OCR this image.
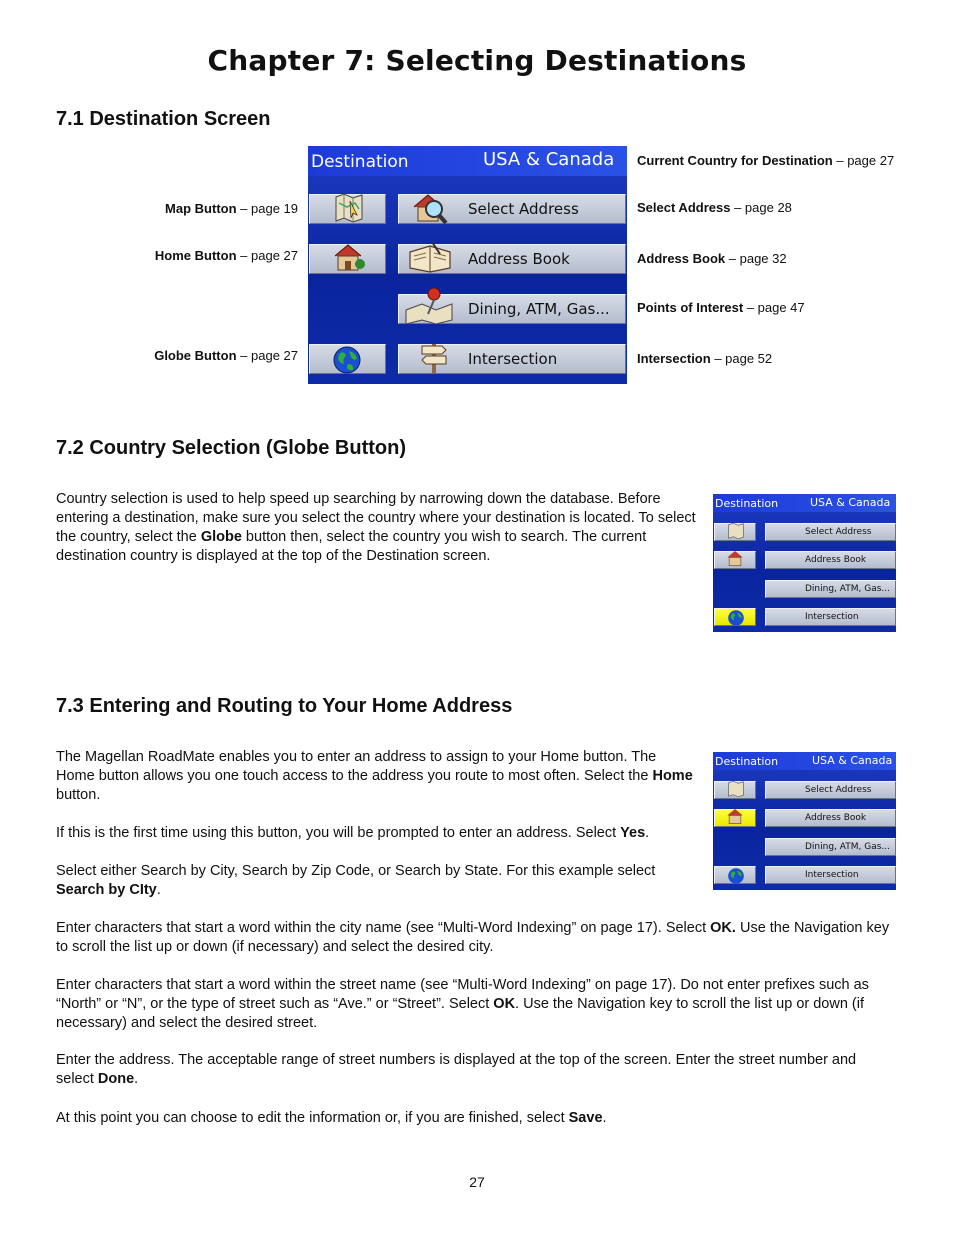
Chapter 7: Selecting Destinations
7.1 Destination Screen
Map Button – page 19
Home Button – page 27
Globe Button – page 27
Current Country for Destination – page 27
Select Address – page 28
Address Book – page 32
Points of Interest – page 47
Intersection – page 52
Destination	USA & Canada
Select Address
Address Book
Dining, ATM, Gas...
Intersection
7.2 Country Selection (Globe Button)

Country selection is used to help speed up searching by narrowing down the database. Before entering a destination, make sure you select the country where your destination is located. To select the country, select the Globe button then, select the country you wish to search. The current destination country is displayed at the top of the Destination screen.

Destination	USA & Canada
Select Address
Address Book
Dining, ATM, Gas...
Intersection
7.3 Entering and Routing to Your Home Address

The Magellan RoadMate enables you to enter an address to assign to your Home button. The Home button allows you one touch access to the address you route to most often. Select the Home button.

If this is the first time using this button, you will be prompted to enter an address. Select Yes.

Select either Search by City, Search by Zip Code, or Search by State. For this example select Search by CIty.

Enter characters that start a word within the city name (see “Multi-Word Indexing” on page 17). Select OK. Use the Navigation key to scroll the list up or down (if necessary) and select the desired city.

Enter characters that start a word within the street name (see “Multi-Word Indexing” on page 17). Do not enter prefixes such as “North” or “N”, or the type of street such as “Ave.” or “Street”. Select OK. Use the Navigation key to scroll the list up or down (if necessary) and select the desired street.

Enter the address. The acceptable range of street numbers is displayed at the top of the screen. Enter the street number and select Done.

At this point you can choose to edit the information or, if you are finished, select Save.

Destination	USA & Canada
Select Address
Address Book
Dining, ATM, Gas...
Intersection
27
